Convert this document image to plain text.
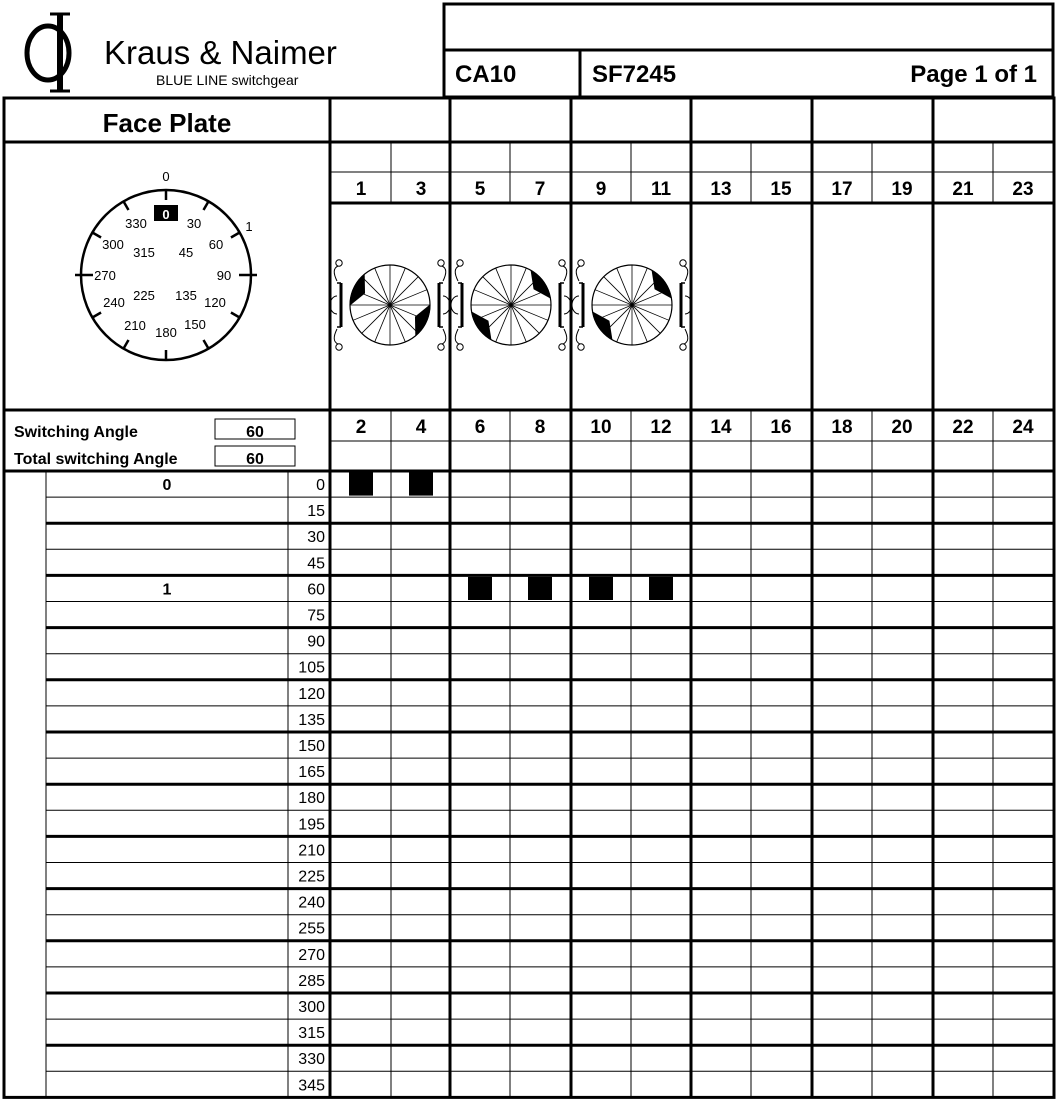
Kraus & Naimer
BLUE LINE switchgear	CA10	SF7245	Page 1 of 1
Face Plate
0
30
60
90
120
150
180
210
240
270
300
330
45
135
225
315
1
0
Switching Angle	60
Total switching Angle	60
1	3	5	7	9 11 13 15 17 19 21 23
2	4	6	8 10 12 14 16 18 20 22 24
0	0
15
30
45
1	60
75
90
105
120
135
150
165
180
195
210
225
240
255
270
285
300
315
330
345
